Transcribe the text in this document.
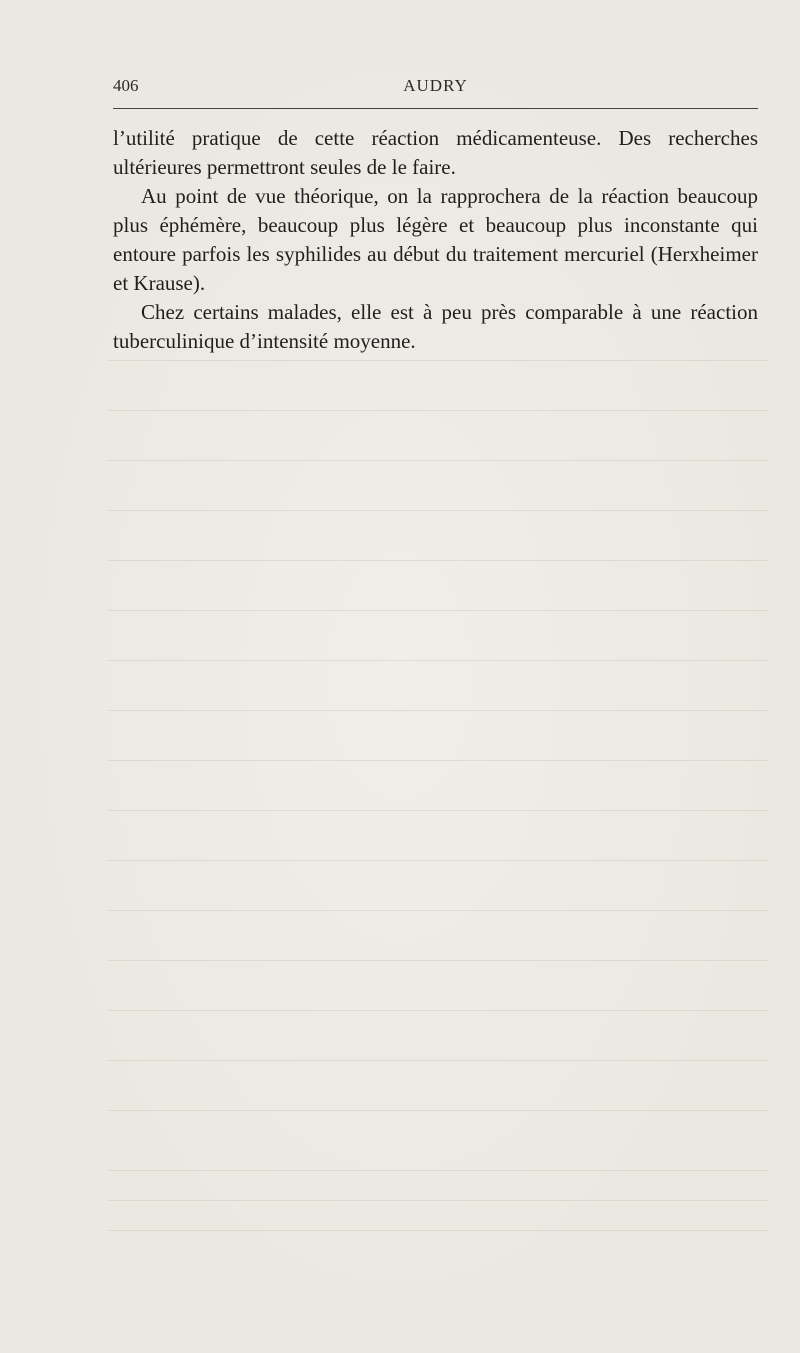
406	AUDRY

l’utilité pratique de cette réaction médicamenteuse. Des recherches ultérieures permettront seules de le faire.

Au point de vue théorique, on la rapprochera de la réaction beaucoup plus éphémère, beaucoup plus légère et beaucoup plus inconstante qui entoure parfois les syphilides au début du traitement mercuriel (Herxheimer et Krause).

Chez certains malades, elle est à peu près comparable à une réaction tuberculinique d’intensité moyenne.
